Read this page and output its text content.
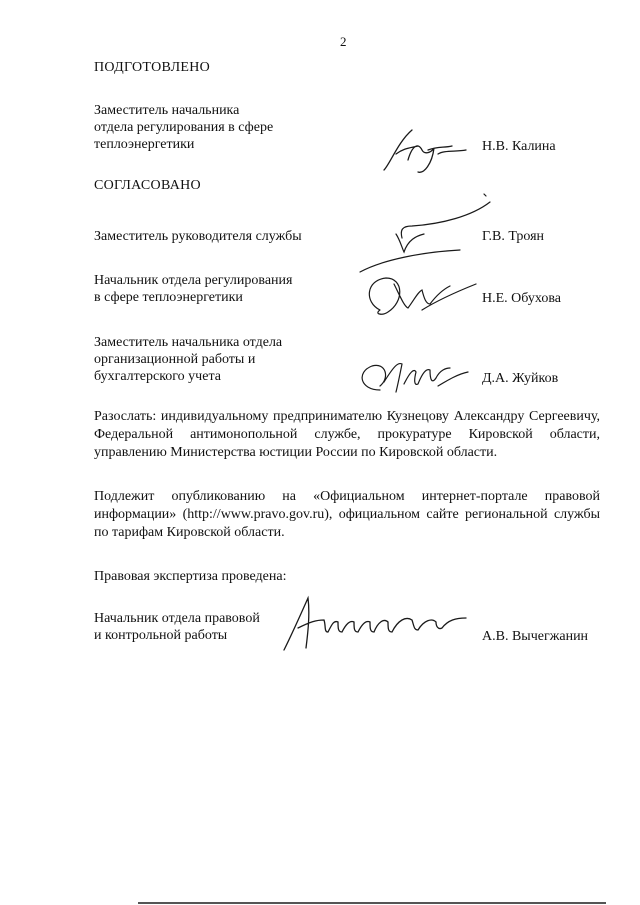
2
ПОДГОТОВЛЕНО
Заместитель начальника
отдела регулирования в сфере
теплоэнергетики	Н.В. Калина
СОГЛАСОВАНО
Заместитель руководителя службы	Г.В. Троян
Начальник отдела регулирования
в сфере теплоэнергетики	Н.Е. Обухова
Заместитель начальника отдела
организационной работы и
бухгалтерского учета	Д.А. Жуйков
Разослать: индивидуальному предпринимателю Кузнецову Александру Сергеевичу, Федеральной антимонопольной службе, прокуратуре Кировской области, управлению Министерства юстиции России по Кировской области.
Подлежит опубликованию на «Официальном интернет-портале правовой информации» (http://www.pravo.gov.ru), официальном сайте региональной службы по тарифам Кировской области.
Правовая экспертиза проведена:
Начальник отдела правовой
и контрольной работы	А.В. Вычегжанин
